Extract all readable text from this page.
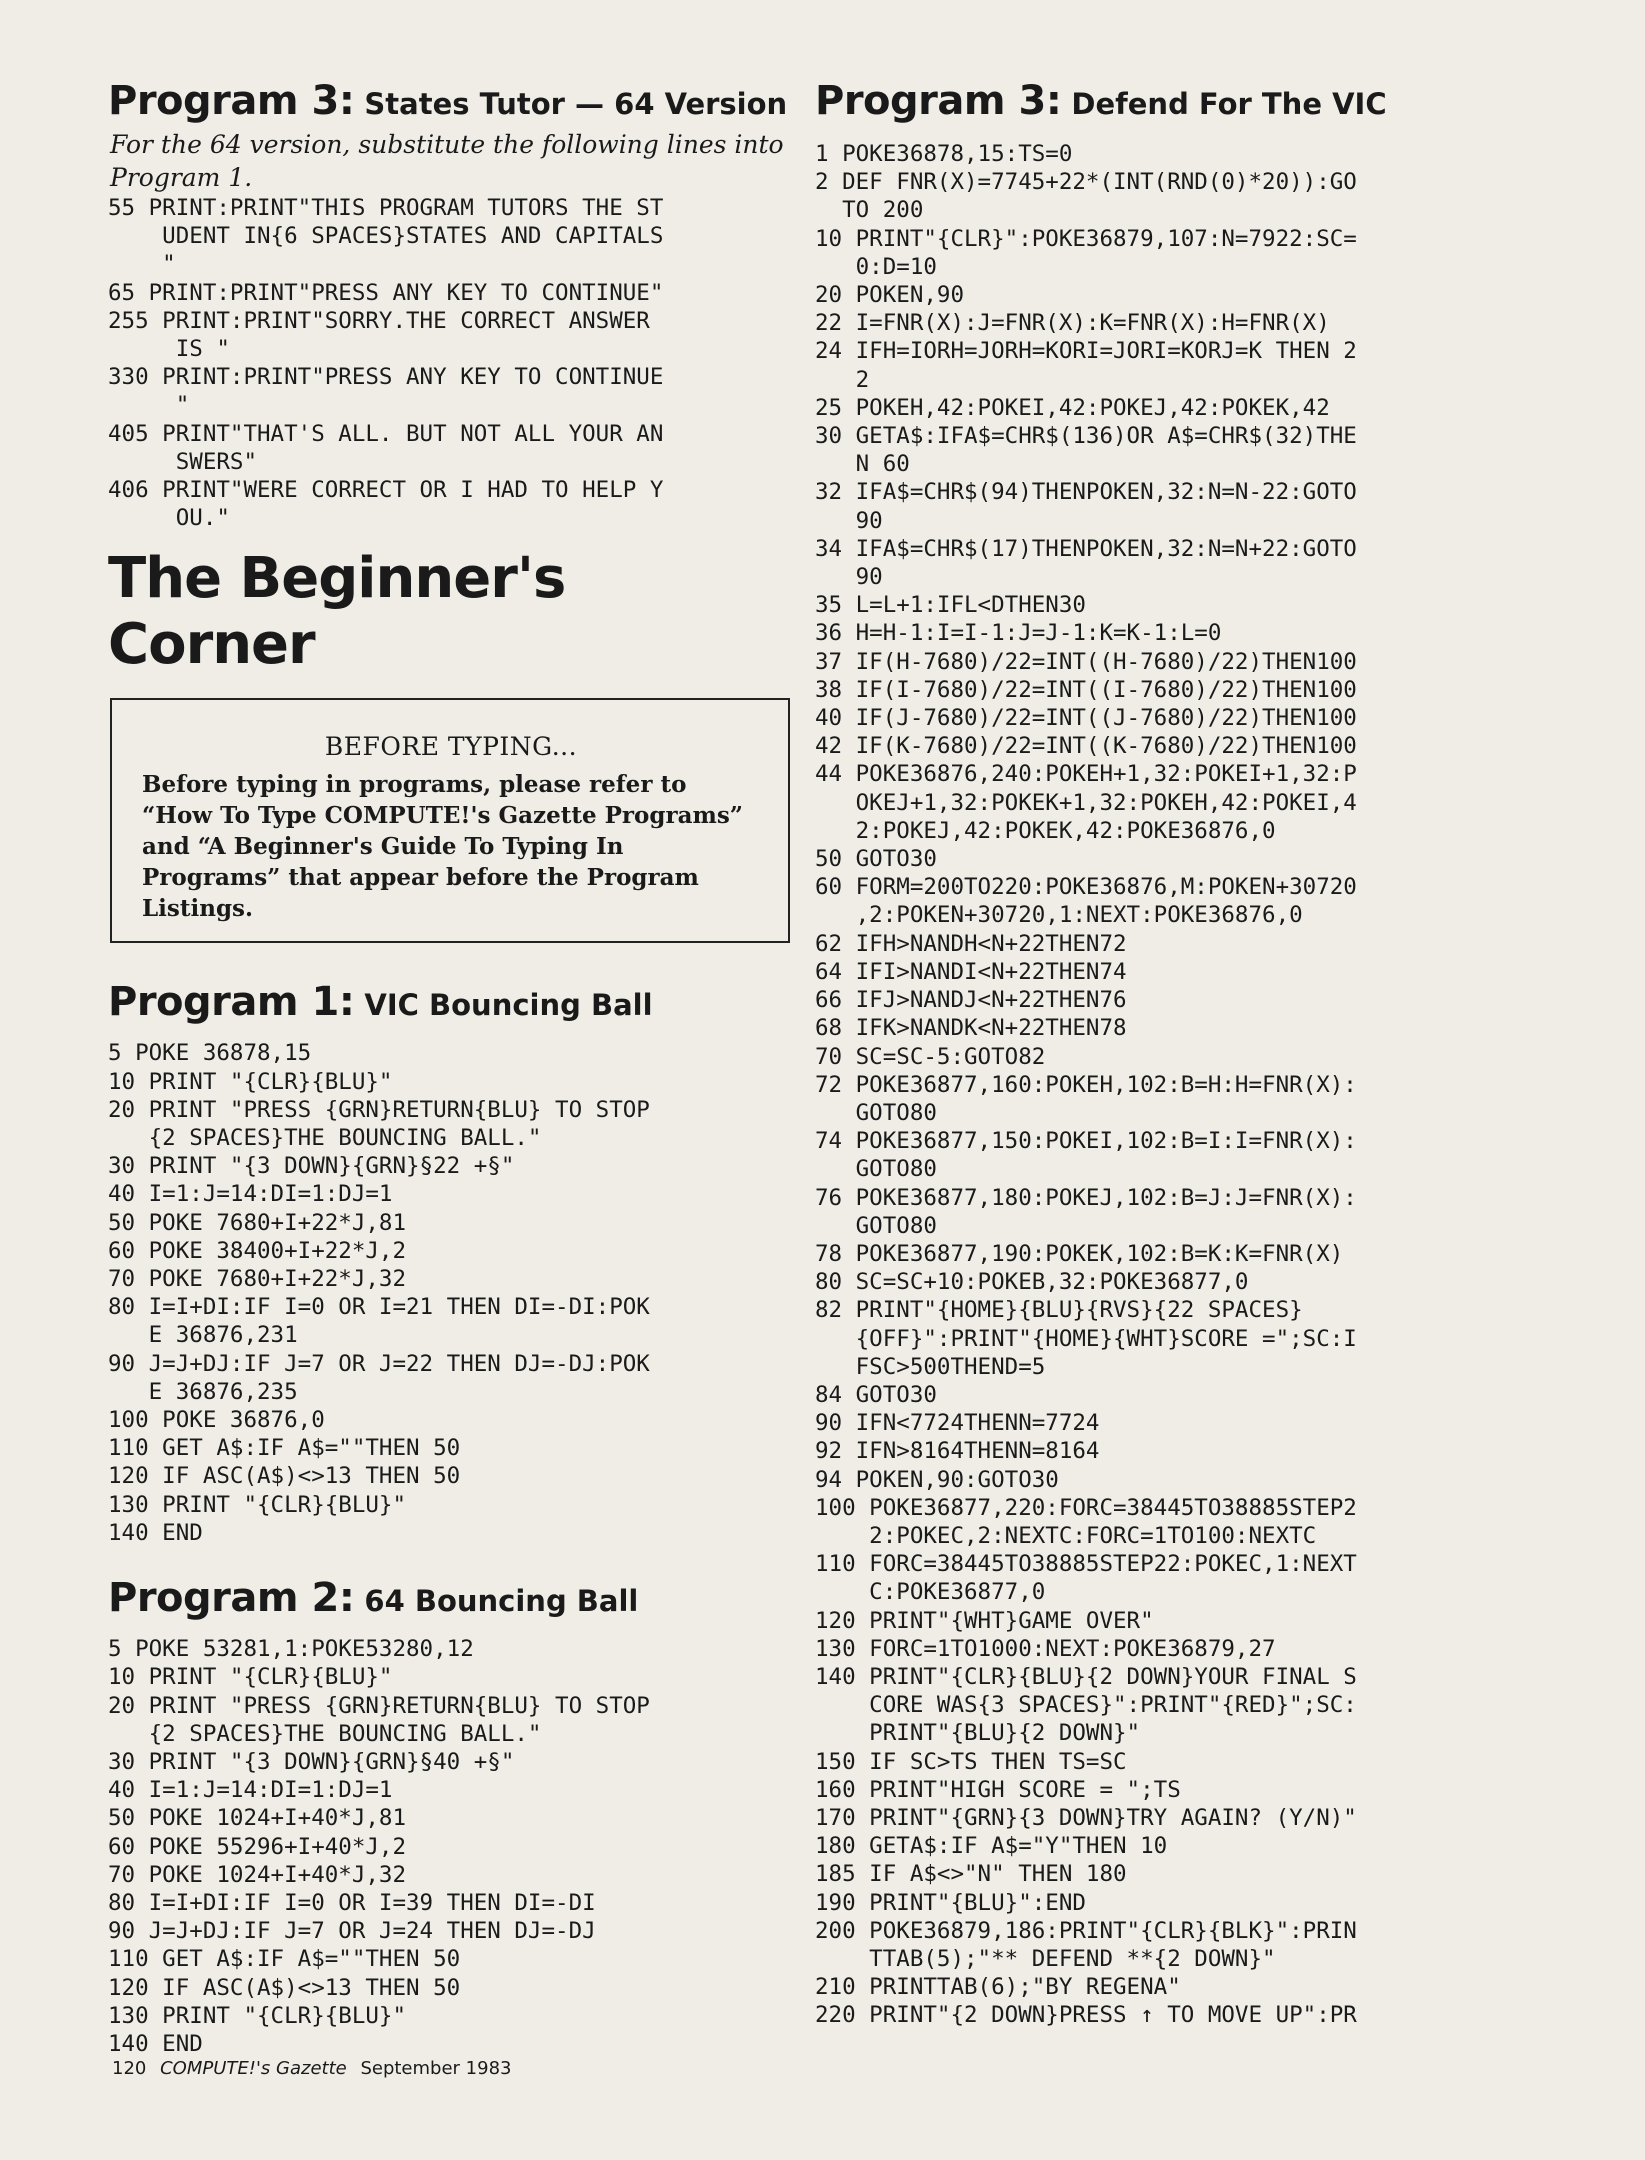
Program 3: States Tutor — 64 Version
For the 64 version, substitute the following lines into Program 1.
55 PRINT:PRINT"THIS PROGRAM TUTORS THE ST
UDENT IN{6 SPACES}STATES AND CAPITALS
"
65 PRINT:PRINT"PRESS ANY KEY TO CONTINUE"
255 PRINT:PRINT"SORRY.THE CORRECT ANSWER
IS "
330 PRINT:PRINT"PRESS ANY KEY TO CONTINUE
"
405 PRINT"THAT'S ALL. BUT NOT ALL YOUR AN
SWERS"
406 PRINT"WERE CORRECT OR I HAD TO HELP Y
OU."
The Beginner's
Corner
BEFORE TYPING...
Before typing in programs, please refer to “How To Type COMPUTE!'s Gazette Programs” and “A Beginner's Guide To Typing In Programs” that appear before the Program Listings.
Program 1: VIC Bouncing Ball
5 POKE 36878,15
10 PRINT "{CLR}{BLU}"
20 PRINT "PRESS {GRN}RETURN{BLU} TO STOP
{2 SPACES}THE BOUNCING BALL."
30 PRINT "{3 DOWN}{GRN}§22 +§"
40 I=1:J=14:DI=1:DJ=1
50 POKE 7680+I+22*J,81
60 POKE 38400+I+22*J,2
70 POKE 7680+I+22*J,32
80 I=I+DI:IF I=0 OR I=21 THEN DI=-DI:POK
E 36876,231
90 J=J+DJ:IF J=7 OR J=22 THEN DJ=-DJ:POK
E 36876,235
100 POKE 36876,0
110 GET A$:IF A$=""THEN 50
120 IF ASC(A$)<>13 THEN 50
130 PRINT "{CLR}{BLU}"
140 END
Program 2: 64 Bouncing Ball
5 POKE 53281,1:POKE53280,12
10 PRINT "{CLR}{BLU}"
20 PRINT "PRESS {GRN}RETURN{BLU} TO STOP
{2 SPACES}THE BOUNCING BALL."
30 PRINT "{3 DOWN}{GRN}§40 +§"
40 I=1:J=14:DI=1:DJ=1
50 POKE 1024+I+40*J,81
60 POKE 55296+I+40*J,2
70 POKE 1024+I+40*J,32
80 I=I+DI:IF I=0 OR I=39 THEN DI=-DI
90 J=J+DJ:IF J=7 OR J=24 THEN DJ=-DJ
110 GET A$:IF A$=""THEN 50
120 IF ASC(A$)<>13 THEN 50
130 PRINT "{CLR}{BLU}"
140 END
Program 3: Defend For The VIC
1 POKE36878,15:TS=0
2 DEF FNR(X)=7745+22*(INT(RND(0)*20)):GO
TO 200
10 PRINT"{CLR}":POKE36879,107:N=7922:SC=
0:D=10
20 POKEN,90
22 I=FNR(X):J=FNR(X):K=FNR(X):H=FNR(X)
24 IFH=IORH=JORH=KORI=JORI=KORJ=K THEN 2
2
25 POKEH,42:POKEI,42:POKEJ,42:POKEK,42
30 GETA$:IFA$=CHR$(136)OR A$=CHR$(32)THE
N 60
32 IFA$=CHR$(94)THENPOKEN,32:N=N-22:GOTO
90
34 IFA$=CHR$(17)THENPOKEN,32:N=N+22:GOTO
90
35 L=L+1:IFL<DTHEN30
36 H=H-1:I=I-1:J=J-1:K=K-1:L=0
37 IF(H-7680)/22=INT((H-7680)/22)THEN100
38 IF(I-7680)/22=INT((I-7680)/22)THEN100
40 IF(J-7680)/22=INT((J-7680)/22)THEN100
42 IF(K-7680)/22=INT((K-7680)/22)THEN100
44 POKE36876,240:POKEH+1,32:POKEI+1,32:P
OKEJ+1,32:POKEK+1,32:POKEH,42:POKEI,4
2:POKEJ,42:POKEK,42:POKE36876,0
50 GOTO30
60 FORM=200TO220:POKE36876,M:POKEN+30720
,2:POKEN+30720,1:NEXT:POKE36876,0
62 IFH>NANDH<N+22THEN72
64 IFI>NANDI<N+22THEN74
66 IFJ>NANDJ<N+22THEN76
68 IFK>NANDK<N+22THEN78
70 SC=SC-5:GOTO82
72 POKE36877,160:POKEH,102:B=H:H=FNR(X):
GOTO80
74 POKE36877,150:POKEI,102:B=I:I=FNR(X):
GOTO80
76 POKE36877,180:POKEJ,102:B=J:J=FNR(X):
GOTO80
78 POKE36877,190:POKEK,102:B=K:K=FNR(X)
80 SC=SC+10:POKEB,32:POKE36877,0
82 PRINT"{HOME}{BLU}{RVS}{22 SPACES}
{OFF}":PRINT"{HOME}{WHT}SCORE =";SC:I
FSC>500THEND=5
84 GOTO30
90 IFN<7724THENN=7724
92 IFN>8164THENN=8164
94 POKEN,90:GOTO30
100 POKE36877,220:FORC=38445TO38885STEP2
2:POKEC,2:NEXTC:FORC=1TO100:NEXTC
110 FORC=38445TO38885STEP22:POKEC,1:NEXT
C:POKE36877,0
120 PRINT"{WHT}GAME OVER"
130 FORC=1TO1000:NEXT:POKE36879,27
140 PRINT"{CLR}{BLU}{2 DOWN}YOUR FINAL S
CORE WAS{3 SPACES}":PRINT"{RED}";SC:
PRINT"{BLU}{2 DOWN}"
150 IF SC>TS THEN TS=SC
160 PRINT"HIGH SCORE = ";TS
170 PRINT"{GRN}{3 DOWN}TRY AGAIN? (Y/N)"
180 GETA$:IF A$="Y"THEN 10
185 IF A$<>"N" THEN 180
190 PRINT"{BLU}":END
200 POKE36879,186:PRINT"{CLR}{BLK}":PRIN
TTAB(5);"** DEFEND **{2 DOWN}"
210 PRINTTAB(6);"BY REGENA"
220 PRINT"{2 DOWN}PRESS ↑ TO MOVE UP":PR
120 COMPUTE!'s Gazette September 1983
